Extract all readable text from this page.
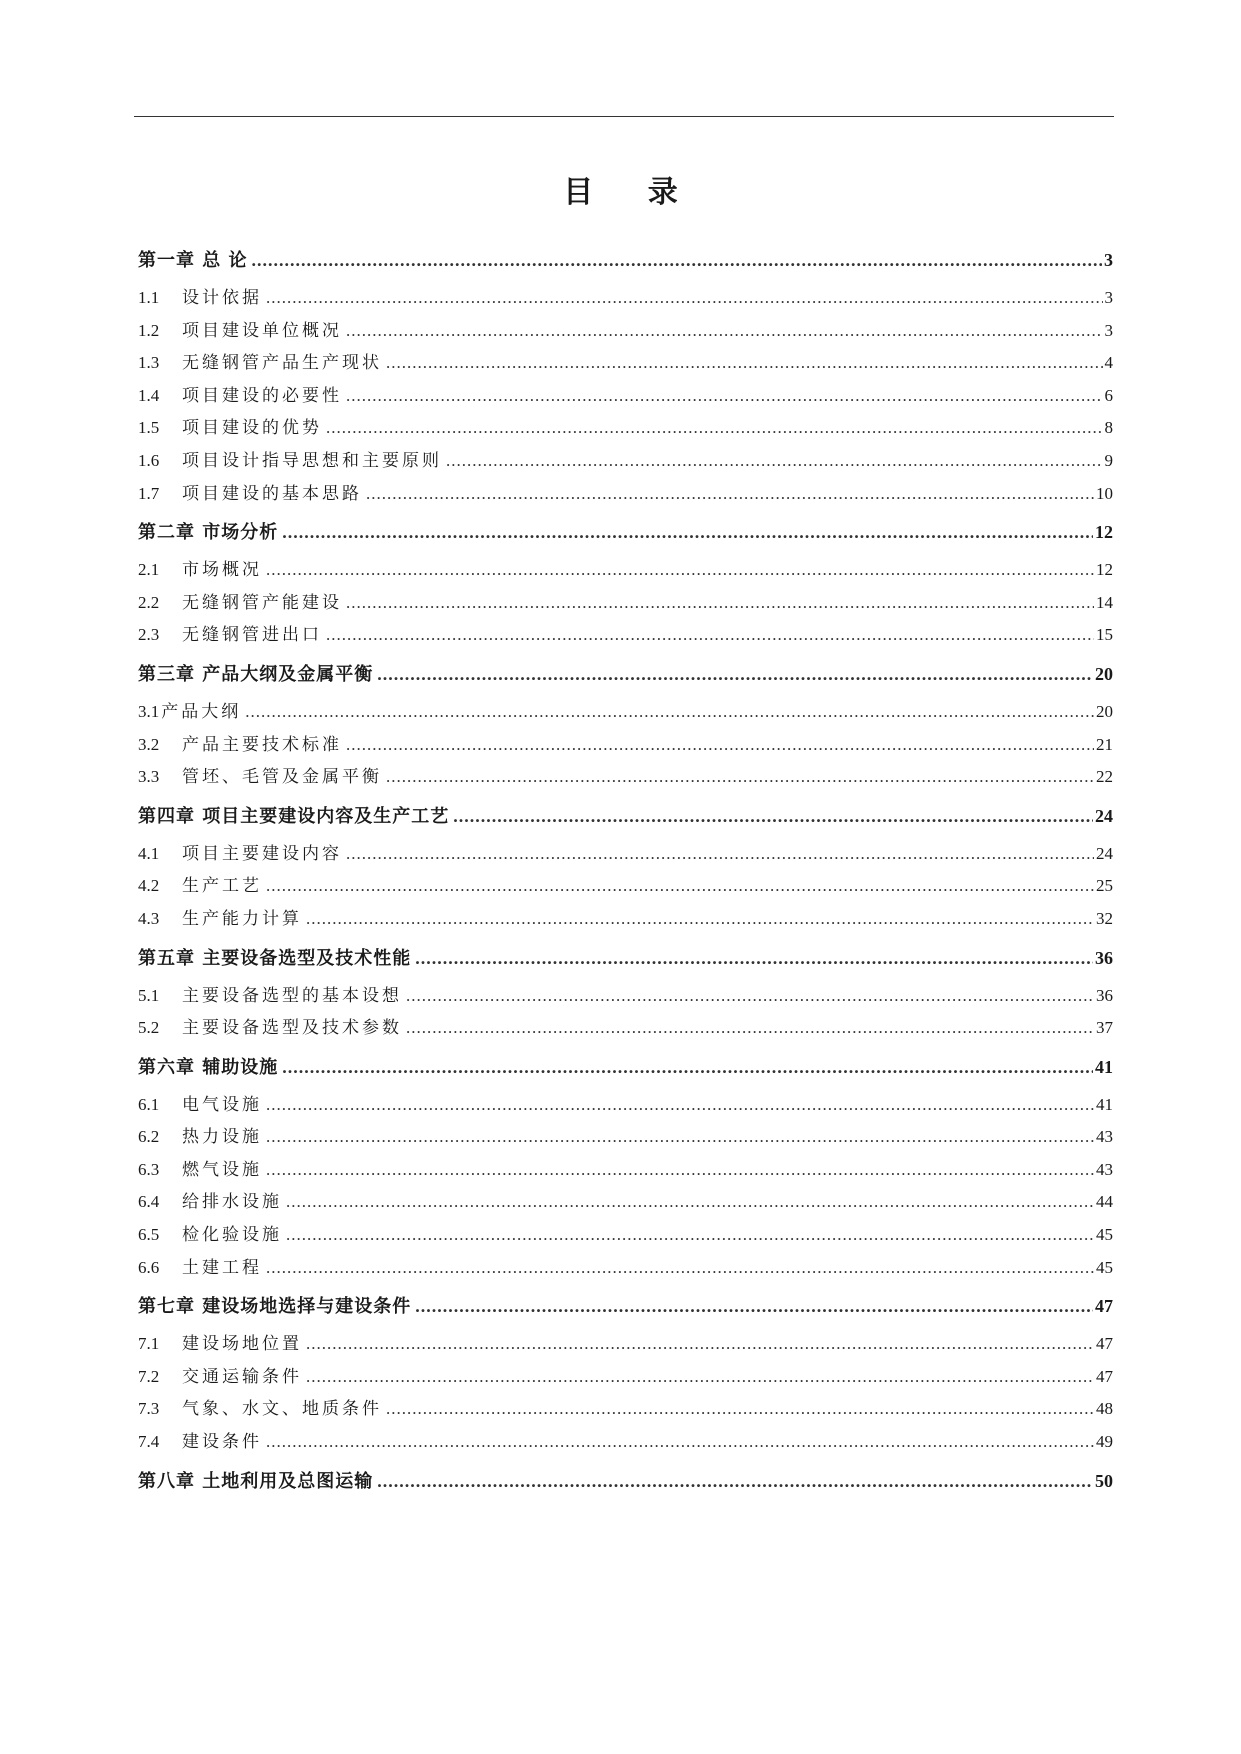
目 录
第一章 总 论 .....	3
1.1	设计依据 .....	3
1.2	项目建设单位概况 .....	3
1.3	无缝钢管产品生产现状 .....	4
1.4	项目建设的必要性 .....	6
1.5	项目建设的优势 .....	8
1.6	项目设计指导思想和主要原则 .....	9
1.7	项目建设的基本思路 .....	10
第二章 市场分析 .....	12
2.1	市场概况 .....	12
2.2	无缝钢管产能建设 .....	14
2.3	无缝钢管进出口 .....	15
第三章 产品大纲及金属平衡 .....	20
3.1 产品大纲 .....	20
3.2	产品主要技术标准 .....	21
3.3	管坯、毛管及金属平衡 .....	22
第四章 项目主要建设内容及生产工艺 .....	24
4.1	项目主要建设内容 .....	24
4.2	生产工艺 .....	25
4.3	生产能力计算 .....	32
第五章 主要设备选型及技术性能 .....	36
5.1	主要设备选型的基本设想 .....	36
5.2	主要设备选型及技术参数 .....	37
第六章 辅助设施 .....	41
6.1	电气设施 .....	41
6.2	热力设施 .....	43
6.3	燃气设施 .....	43
6.4	给排水设施 .....	44
6.5	检化验设施 .....	45
6.6	土建工程 .....	45
第七章 建设场地选择与建设条件 .....	47
7.1	建设场地位置 .....	47
7.2	交通运输条件 .....	47
7.3	气象、水文、地质条件 .....	48
7.4	建设条件 .....	49
第八章 土地利用及总图运输 .....	50
